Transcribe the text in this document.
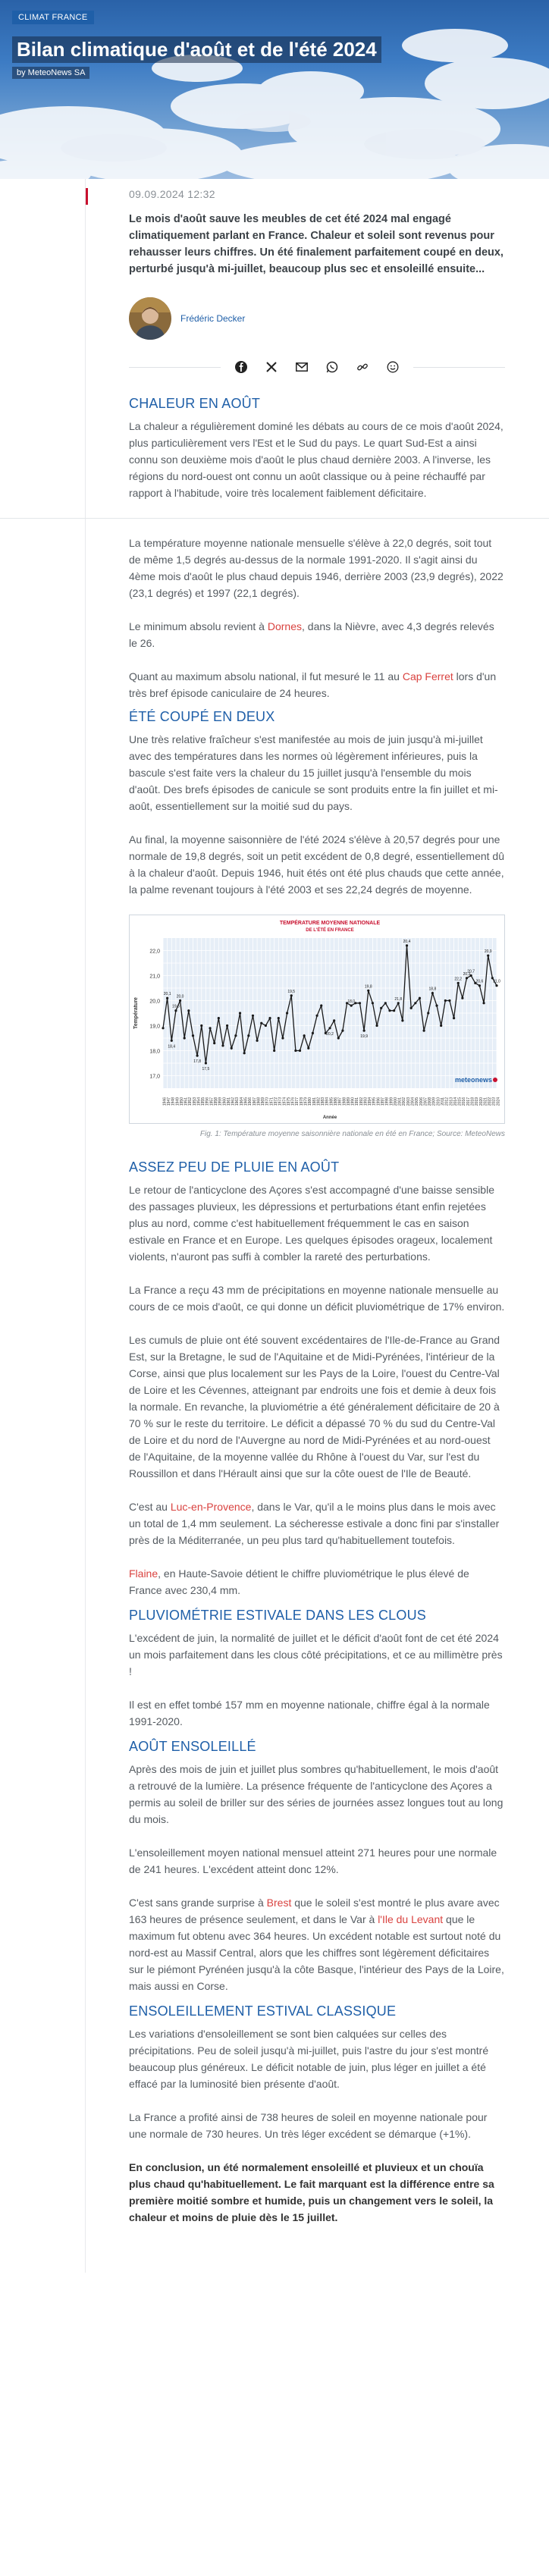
CLIMAT FRANCE
Bilan climatique d'août et de l'été 2024
by MeteoNews SA
09.09.2024 12:32

Le mois d'août sauve les meubles de cet été 2024 mal engagé climatiquement parlant en France. Chaleur et soleil sont revenus pour rehausser leurs chiffres. Un été finalement parfaitement coupé en deux, perturbé jusqu'à mi-juillet, beaucoup plus sec et ensoleillé ensuite...

Frédéric Decker
CHALEUR EN AOÛT

La chaleur a régulièrement dominé les débats au cours de ce mois d'août 2024, plus particulièrement vers l'Est et le Sud du pays. Le quart Sud-Est a ainsi connu son deuxième mois d'août le plus chaud dernière 2003. A l'inverse, les régions du nord-ouest ont connu un août classique ou à peine réchauffé par rapport à l'habitude, voire très localement faiblement déficitaire.

La température moyenne nationale mensuelle s'élève à 22,0 degrés, soit tout de même 1,5 degrés au-dessus de la normale 1991-2020. Il s'agit ainsi du 4ème mois d'août le plus chaud depuis 1946, derrière 2003 (23,9 degrés), 2022 (23,1 degrés) et 1997 (22,1 degrés).

Le minimum absolu revient à Dornes, dans la Nièvre, avec 4,3 degrés relevés le 26.

Quant au maximum absolu national, il fut mesuré le 11 au Cap Ferret lors d'un très bref épisode caniculaire de 24 heures.

ÉTÉ COUPÉ EN DEUX

Une très relative fraîcheur s'est manifestée au mois de juin jusqu'à mi-juillet avec des températures dans les normes où légèrement inférieures, puis la bascule s'est faite vers la chaleur du 15 juillet jusqu'à l'ensemble du mois d'août. Des brefs épisodes de canicule se sont produits entre la fin juillet et mi-août, essentiellement sur la moitié sud du pays.

Au final, la moyenne saisonnière de l'été 2024 s'élève à 20,57 degrés pour une normale de 19,8 degrés, soit un petit excédent de 0,8 degré, essentiellement dû à la chaleur d'août. Depuis 1946, huit étés ont été plus chauds que cette année, la palme revenant toujours à l'été 2003 et ses 22,24 degrés de moyenne.

17,0
18,0
19,0
20,0
21,0
22,0
TEMPÉRATURE MOYENNE NATIONALE
DE L'ÉTÉ EN FRANCE
Température
1946 1947 1948 1949 1950 1951 1952 1953 1954 1955 1956 1957 1958 1959 1960 1961 1962 1963 1964 1965 1966 1967 1968 1969 1970 1971 1972 1973 1974 1975 1976 1977 1978 1979 1980 1981 1982 1983 1984 1985 1986 1987 1988 1989 1990 1991 1992 1993 1994 1995 1996 1997 1998 1999 2000 2001 2002 2003 2004 2005 2006 2007 2008 2009 2010 2011 2012 2013 2014 2015 2016 2017 2018 2019 2020 2021 2022 2023 2024
Année
20,1
18,4
19,6
20,0
17,8
17,5
19,5
20,2
18,0
19,8
19,9
20,4
18,8
22,2
20,3
20,7
20,9
21,0
21,8
20,6
meteonews
Fig. 1: Température moyenne saisonnière nationale en été en France; Source: MeteoNews
ASSEZ PEU DE PLUIE EN AOÛT

Le retour de l'anticyclone des Açores s'est accompagné d'une baisse sensible des passages pluvieux, les dépressions et perturbations étant enfin rejetées plus au nord, comme c'est habituellement fréquemment le cas en saison estivale en France et en Europe. Les quelques épisodes orageux, localement violents, n'auront pas suffi à combler la rareté des perturbations.

La France a reçu 43 mm de précipitations en moyenne nationale mensuelle au cours de ce mois d'août, ce qui donne un déficit pluviométrique de 17% environ.

Les cumuls de pluie ont été souvent excédentaires de l'Ile-de-France au Grand Est, sur la Bretagne, le sud de l'Aquitaine et de Midi-Pyrénées, l'intérieur de la Corse, ainsi que plus localement sur les Pays de la Loire, l'ouest du Centre-Val de Loire et les Cévennes, atteignant par endroits une fois et demie à deux fois la normale. En revanche, la pluviométrie a été généralement déficitaire de 20 à 70 % sur le reste du territoire. Le déficit a dépassé 70 % du sud du Centre-Val de Loire et du nord de l'Auvergne au nord de Midi-Pyrénées et au nord-ouest de l'Aquitaine, de la moyenne vallée du Rhône à l'ouest du Var, sur l'est du Roussillon et dans l'Hérault ainsi que sur la côte ouest de l'Ile de Beauté.

C'est au Luc-en-Provence, dans le Var, qu'il a le moins plus dans le mois avec un total de 1,4 mm seulement. La sécheresse estivale a donc fini par s'installer près de la Méditerranée, un peu plus tard qu'habituellement toutefois.

Flaine, en Haute-Savoie détient le chiffre pluviométrique le plus élevé de France avec 230,4 mm.

PLUVIOMÉTRIE ESTIVALE DANS LES CLOUS

L'excédent de juin, la normalité de juillet et le déficit d'août font de cet été 2024 un mois parfaitement dans les clous côté précipitations, et ce au millimètre près !

Il est en effet tombé 157 mm en moyenne nationale, chiffre égal à la normale 1991-2020.

AOÛT ENSOLEILLÉ

Après des mois de juin et juillet plus sombres qu'habituellement, le mois d'août a retrouvé de la lumière. La présence fréquente de l'anticyclone des Açores a permis au soleil de briller sur des séries de journées assez longues tout au long du mois.

L'ensoleillement moyen national mensuel atteint 271 heures pour une normale de 241 heures. L'excédent atteint donc 12%.

C'est sans grande surprise à Brest que le soleil s'est montré le plus avare avec 163 heures de présence seulement, et dans le Var à l'Ile du Levant que le maximum fut obtenu avec 364 heures. Un excédent notable est surtout noté du nord-est au Massif Central, alors que les chiffres sont légèrement déficitaires sur le piémont Pyrénéen jusqu'à la côte Basque, l'intérieur des Pays de la Loire, mais aussi en Corse.

ENSOLEILLEMENT ESTIVAL CLASSIQUE

Les variations d'ensoleillement se sont bien calquées sur celles des précipitations. Peu de soleil jusqu'à mi-juillet, puis l'astre du jour s'est montré beaucoup plus généreux. Le déficit notable de juin, plus léger en juillet a été effacé par la luminosité bien présente d'août.

La France a profité ainsi de 738 heures de soleil en moyenne nationale pour une normale de 730 heures. Un très léger excédent se démarque (+1%).

En conclusion, un été normalement ensoleillé et pluvieux et un chouïa plus chaud qu'habituellement. Le fait marquant est la différence entre sa première moitié sombre et humide, puis un changement vers le soleil, la chaleur et moins de pluie dès le 15 juillet.
